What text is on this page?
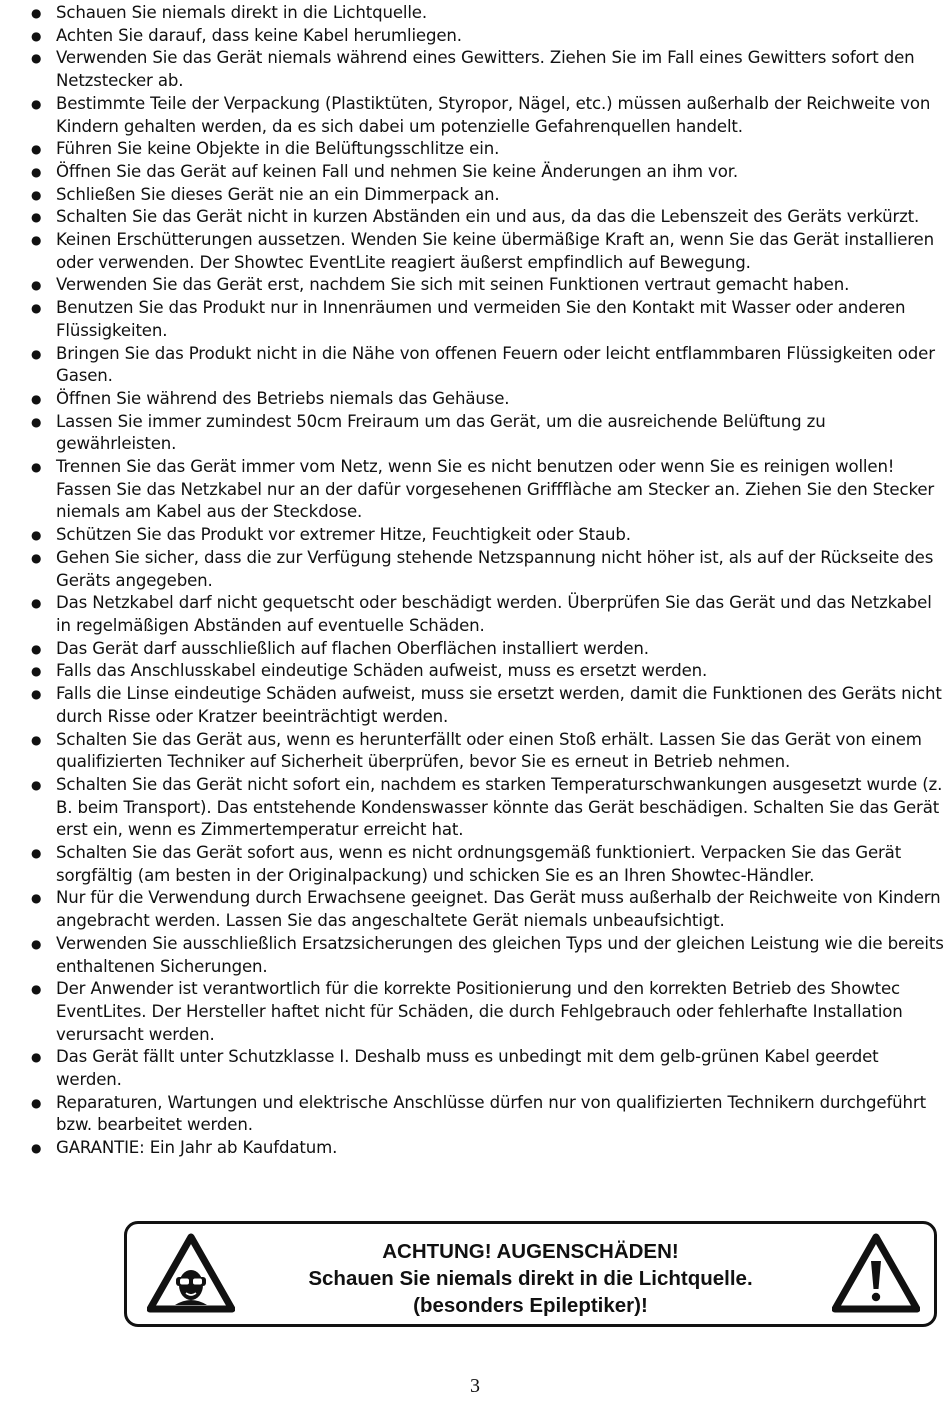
● Schauen Sie niemals direkt in die Lichtquelle.
● Achten Sie darauf, dass keine Kabel herumliegen.
● Verwenden Sie das Gerät niemals während eines Gewitters. Ziehen Sie im Fall eines Gewitters sofort den Netzstecker ab.
● Bestimmte Teile der Verpackung (Plastiktüten, Styropor, Nägel, etc.) müssen außerhalb der Reichweite von Kindern gehalten werden, da es sich dabei um potenzielle Gefahrenquellen handelt.
● Führen Sie keine Objekte in die Belüftungsschlitze ein.
● Öffnen Sie das Gerät auf keinen Fall und nehmen Sie keine Änderungen an ihm vor.
● Schließen Sie dieses Gerät nie an ein Dimmerpack an.
● Schalten Sie das Gerät nicht in kurzen Abständen ein und aus, da das die Lebenszeit des Geräts verkürzt.
● Keinen Erschütterungen aussetzen. Wenden Sie keine übermäßige Kraft an, wenn Sie das Gerät installieren oder verwenden. Der Showtec EventLite reagiert äußerst empfindlich auf Bewegung.
● Verwenden Sie das Gerät erst, nachdem Sie sich mit seinen Funktionen vertraut gemacht haben.
● Benutzen Sie das Produkt nur in Innenräumen und vermeiden Sie den Kontakt mit Wasser oder anderen Flüssigkeiten.
● Bringen Sie das Produkt nicht in die Nähe von offenen Feuern oder leicht entflammbaren Flüssigkeiten oder Gasen.
● Öffnen Sie während des Betriebs niemals das Gehäuse.
● Lassen Sie immer zumindest 50cm Freiraum um das Gerät, um die ausreichende Belüftung zu gewährleisten.
● Trennen Sie das Gerät immer vom Netz, wenn Sie es nicht benutzen oder wenn Sie es reinigen wollen! Fassen Sie das Netzkabel nur an der dafür vorgesehenen Griffflàche am Stecker an. Ziehen Sie den Stecker niemals am Kabel aus der Steckdose.
● Schützen Sie das Produkt vor extremer Hitze, Feuchtigkeit oder Staub.
● Gehen Sie sicher, dass die zur Verfügung stehende Netzspannung nicht höher ist, als auf der Rückseite des Geräts angegeben.
● Das Netzkabel darf nicht gequetscht oder beschädigt werden. Überprüfen Sie das Gerät und das Netzkabel in regelmäßigen Abständen auf eventuelle Schäden.
● Das Gerät darf ausschließlich auf flachen Oberflächen installiert werden.
● Falls das Anschlusskabel eindeutige Schäden aufweist, muss es ersetzt werden.
● Falls die Linse eindeutige Schäden aufweist, muss sie ersetzt werden, damit die Funktionen des Geräts nicht durch Risse oder Kratzer beeinträchtigt werden.
● Schalten Sie das Gerät aus, wenn es herunterfällt oder einen Stoß erhält. Lassen Sie das Gerät von einem qualifizierten Techniker auf Sicherheit überprüfen, bevor Sie es erneut in Betrieb nehmen.
● Schalten Sie das Gerät nicht sofort ein, nachdem es starken Temperaturschwankungen ausgesetzt wurde (z. B. beim Transport). Das entstehende Kondenswasser könnte das Gerät beschädigen. Schalten Sie das Gerät erst ein, wenn es Zimmertemperatur erreicht hat.
● Schalten Sie das Gerät sofort aus, wenn es nicht ordnungsgemäß funktioniert. Verpacken Sie das Gerät sorgfältig (am besten in der Originalpackung) und schicken Sie es an Ihren Showtec-Händler.
● Nur für die Verwendung durch Erwachsene geeignet. Das Gerät muss außerhalb der Reichweite von Kindern angebracht werden. Lassen Sie das angeschaltete Gerät niemals unbeaufsichtigt.
● Verwenden Sie ausschließlich Ersatzsicherungen des gleichen Typs und der gleichen Leistung wie die bereits enthaltenen Sicherungen.
● Der Anwender ist verantwortlich für die korrekte Positionierung und den korrekten Betrieb des Showtec EventLites. Der Hersteller haftet nicht für Schäden, die durch Fehlgebrauch oder fehlerhafte Installation verursacht werden.
● Das Gerät fällt unter Schutzklasse I. Deshalb muss es unbedingt mit dem gelb-grünen Kabel geerdet werden.
● Reparaturen, Wartungen und elektrische Anschlüsse dürfen nur von qualifizierten Technikern durchgeführt bzw. bearbeitet werden.
● GARANTIE: Ein Jahr ab Kaufdatum.
ACHTUNG! AUGENSCHÄDEN!
Schauen Sie niemals direkt in die Lichtquelle.
(besonders Epileptiker)!
3
